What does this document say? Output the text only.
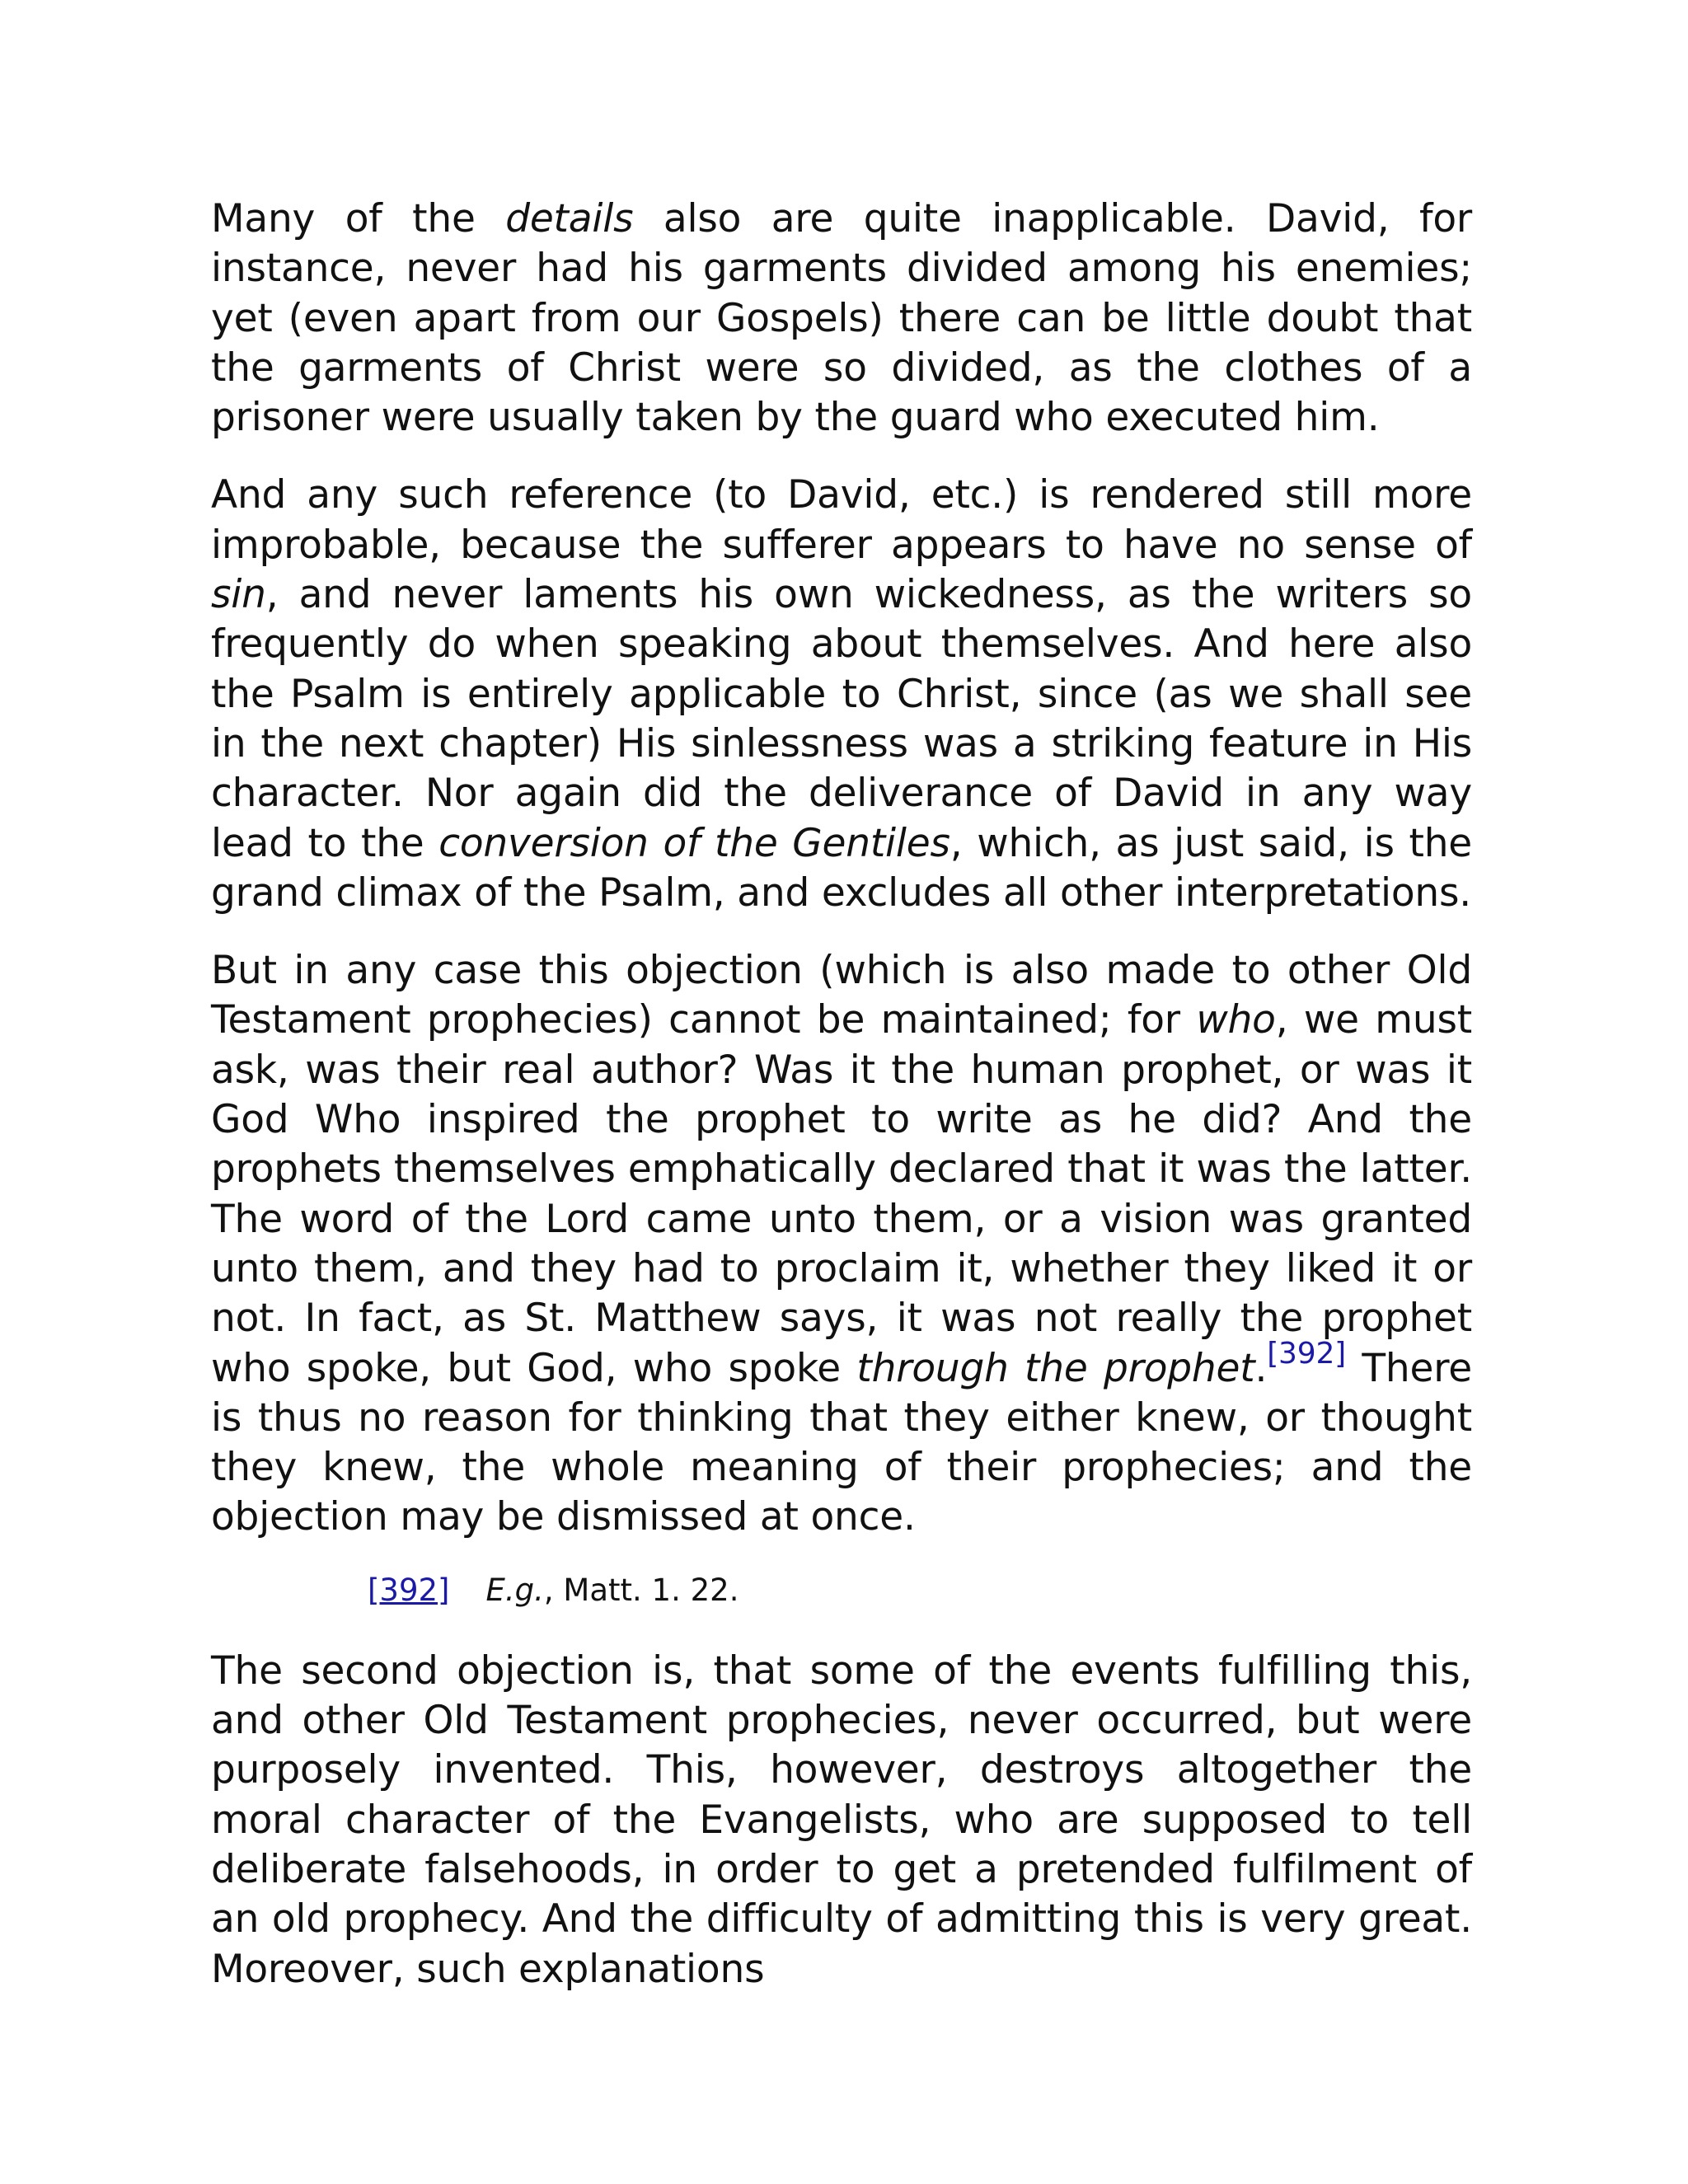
Many of the details also are quite inapplicable. David, for instance, never had his garments divided among his enemies; yet (even apart from our Gospels) there can be little doubt that the garments of Christ were so divided, as the clothes of a prisoner were usually taken by the guard who executed him.

And any such reference (to David, etc.) is rendered still more improbable, because the sufferer appears to have no sense of sin, and never laments his own wickedness, as the writers so frequently do when speaking about themselves. And here also the Psalm is entirely applicable to Christ, since (as we shall see in the next chapter) His sinlessness was a striking feature in His character. Nor again did the deliverance of David in any way lead to the conversion of the Gentiles, which, as just said, is the grand climax of the Psalm, and excludes all other interpretations.

But in any case this objection (which is also made to other Old Testament prophecies) cannot be maintained; for who, we must ask, was their real author? Was it the human prophet, or was it God Who inspired the prophet to write as he did? And the prophets themselves emphatically declared that it was the latter. The word of the Lord came unto them, or a vision was granted unto them, and they had to proclaim it, whether they liked it or not. In fact, as St. Matthew says, it was not really the prophet who spoke, but God, who spoke through the prophet.[392] There is thus no reason for thinking that they either knew, or thought they knew, the whole meaning of their prophecies; and the objection may be dismissed at once.

[392] E.g., Matt. 1. 22.

The second objection is, that some of the events fulfilling this, and other Old Testament prophecies, never occurred, but were purposely invented. This, however, destroys altogether the moral character of the Evangelists, who are supposed to tell deliberate falsehoods, in order to get a pretended fulfilment of an old prophecy. And the difficulty of admitting this is very great. Moreover, such explanations
